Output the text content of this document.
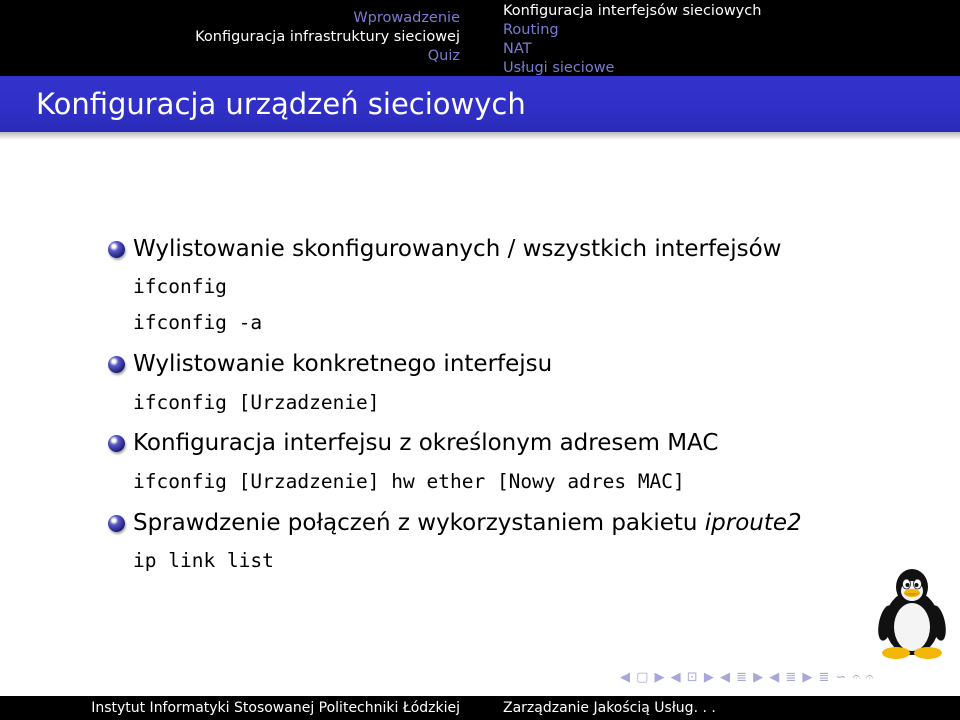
Wprowadzenie
Konfiguracja infrastruktury sieciowej
Quiz
Konfiguracja interfejsów sieciowych
Routing
NAT
Usługi sieciowe
Konfiguracja urządzeń sieciowych
Wylistowanie skonfigurowanych / wszystkich interfejsów
ifconfig
ifconfig -a
Wylistowanie konkretnego interfejsu
ifconfig [Urzadzenie]
Konfiguracja interfejsu z określonym adresem MAC
ifconfig [Urzadzenie] hw ether [Nowy adres MAC]
Sprawdzenie połączeń z wykorzystaniem pakietu iproute2
ip link list
◀ ▢ ▶ ◀ ⊡ ▶ ◀ ≣ ▶ ◀ ≣ ▶ ≣ ∽ 𝄐 𝄐
Instytut Informatyki Stosowanej Politechniki Łódzkiej	Zarządzanie Jakością Usług. . .
